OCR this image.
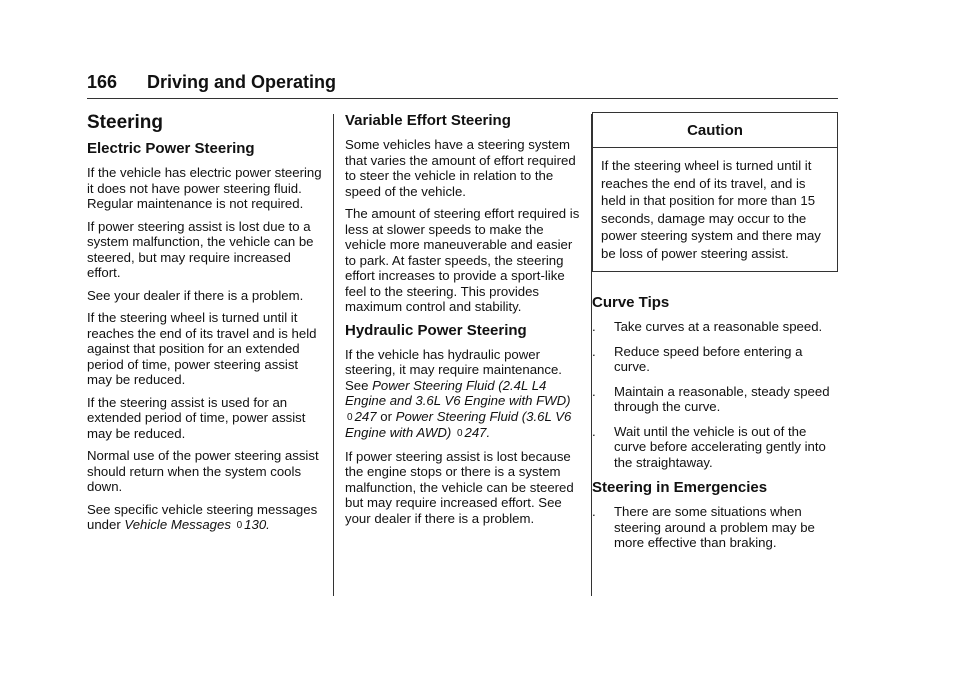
166 Driving and Operating
Steering
Electric Power Steering

If the vehicle has electric power steering it does not have power steering fluid. Regular maintenance is not required.

If power steering assist is lost due to a system malfunction, the vehicle can be steered, but may require increased effort.

See your dealer if there is a problem.

If the steering wheel is turned until it reaches the end of its travel and is held against that position for an extended period of time, power steering assist may be reduced.

If the steering assist is used for an extended period of time, power assist may be reduced.

Normal use of the power steering assist should return when the system cools down.

See specific vehicle steering messages under Vehicle Messages 0 130.

Variable Effort Steering

Some vehicles have a steering system that varies the amount of effort required to steer the vehicle in relation to the speed of the vehicle.

The amount of steering effort required is less at slower speeds to make the vehicle more maneuverable and easier to park. At faster speeds, the steering effort increases to provide a sport-like feel to the steering. This provides maximum control and stability.

Hydraulic Power Steering

If the vehicle has hydraulic power steering, it may require maintenance. See Power Steering Fluid (2.4L L4 Engine and 3.6L V6 Engine with FWD) 0 247 or Power Steering Fluid (3.6L V6 Engine with AWD) 0 247.

If power steering assist is lost because the engine stops or there is a system malfunction, the vehicle can be steered but may require increased effort. See your dealer if there is a problem.

Caution
If the steering wheel is turned until it reaches the end of its travel, and is held in that position for more than 15 seconds, damage may occur to the power steering system and there may be loss of power steering assist.
Curve Tips
. Take curves at a reasonable speed.
. Reduce speed before entering a curve.
. Maintain a reasonable, steady speed through the curve.
. Wait until the vehicle is out of the curve before accelerating gently into the straightaway.
Steering in Emergencies
. There are some situations when steering around a problem may be more effective than braking.
